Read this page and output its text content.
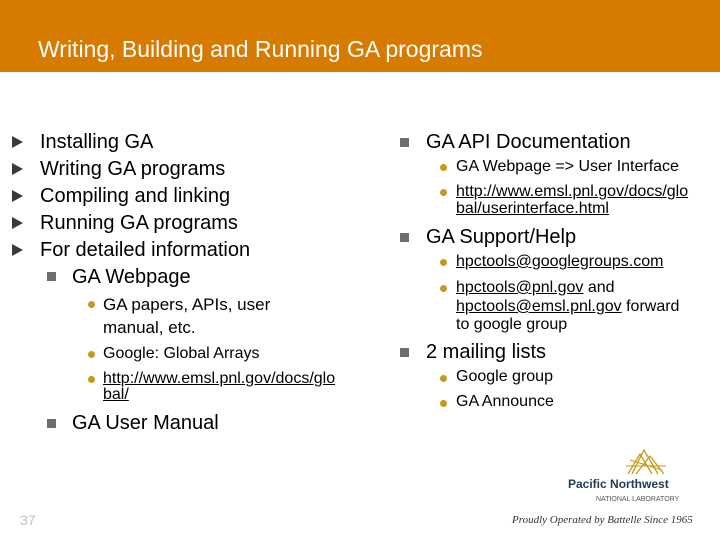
Writing, Building and Running GA programs
Installing GA
Writing GA programs
Compiling and linking
Running GA programs
For detailed information
GA Webpage
GA papers, APIs, user
manual, etc.
Google: Global Arrays
http://www.emsl.pnl.gov/docs/glo
bal/
GA User Manual
GA API Documentation
GA Webpage => User Interface
http://www.emsl.pnl.gov/docs/glo
bal/userinterface.html
GA Support/Help
hpctools@googlegroups.com
hpctools@pnl.gov and
hpctools@emsl.pnl.gov forward
to google group
2 mailing lists
Google group
GA Announce
37
Pacific Northwest
NATIONAL LABORATORY
Proudly Operated by Battelle Since 1965
